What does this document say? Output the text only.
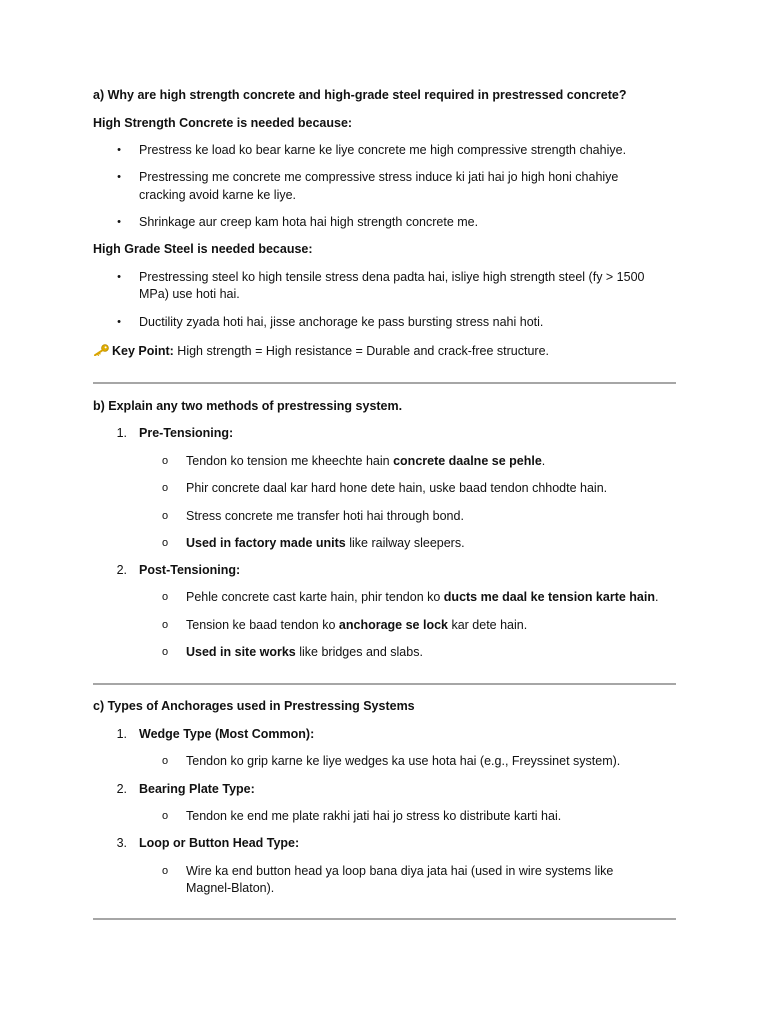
a) Why are high strength concrete and high-grade steel required in prestressed concrete?
High Strength Concrete is needed because:
• Prestress ke load ko bear karne ke liye concrete me high compressive strength chahiye.
• Prestressing me concrete me compressive stress induce ki jati hai jo high honi chahiye
cracking avoid karne ke liye.
• Shrinkage aur creep kam hota hai high strength concrete me.
High Grade Steel is needed because:
• Prestressing steel ko high tensile stress dena padta hai, isliye high strength steel (fy > 1500
MPa) use hoti hai.
• Ductility zyada hoti hai, jisse anchorage ke pass bursting stress nahi hoti.
Key Point: High strength = High resistance = Durable and crack-free structure.
b) Explain any two methods of prestressing system.
1. Pre-Tensioning:
o Tendon ko tension me kheechte hain concrete daalne se pehle.
o Phir concrete daal kar hard hone dete hain, uske baad tendon chhodte hain.
o Stress concrete me transfer hoti hai through bond.
o Used in factory made units like railway sleepers.
2. Post-Tensioning:
o Pehle concrete cast karte hain, phir tendon ko ducts me daal ke tension karte hain.
o Tension ke baad tendon ko anchorage se lock kar dete hain.
o Used in site works like bridges and slabs.
c) Types of Anchorages used in Prestressing Systems
1. Wedge Type (Most Common):
o Tendon ko grip karne ke liye wedges ka use hota hai (e.g., Freyssinet system).
2. Bearing Plate Type:
o Tendon ke end me plate rakhi jati hai jo stress ko distribute karti hai.
3. Loop or Button Head Type:
o Wire ka end button head ya loop bana diya jata hai (used in wire systems like
Magnel-Blaton).
